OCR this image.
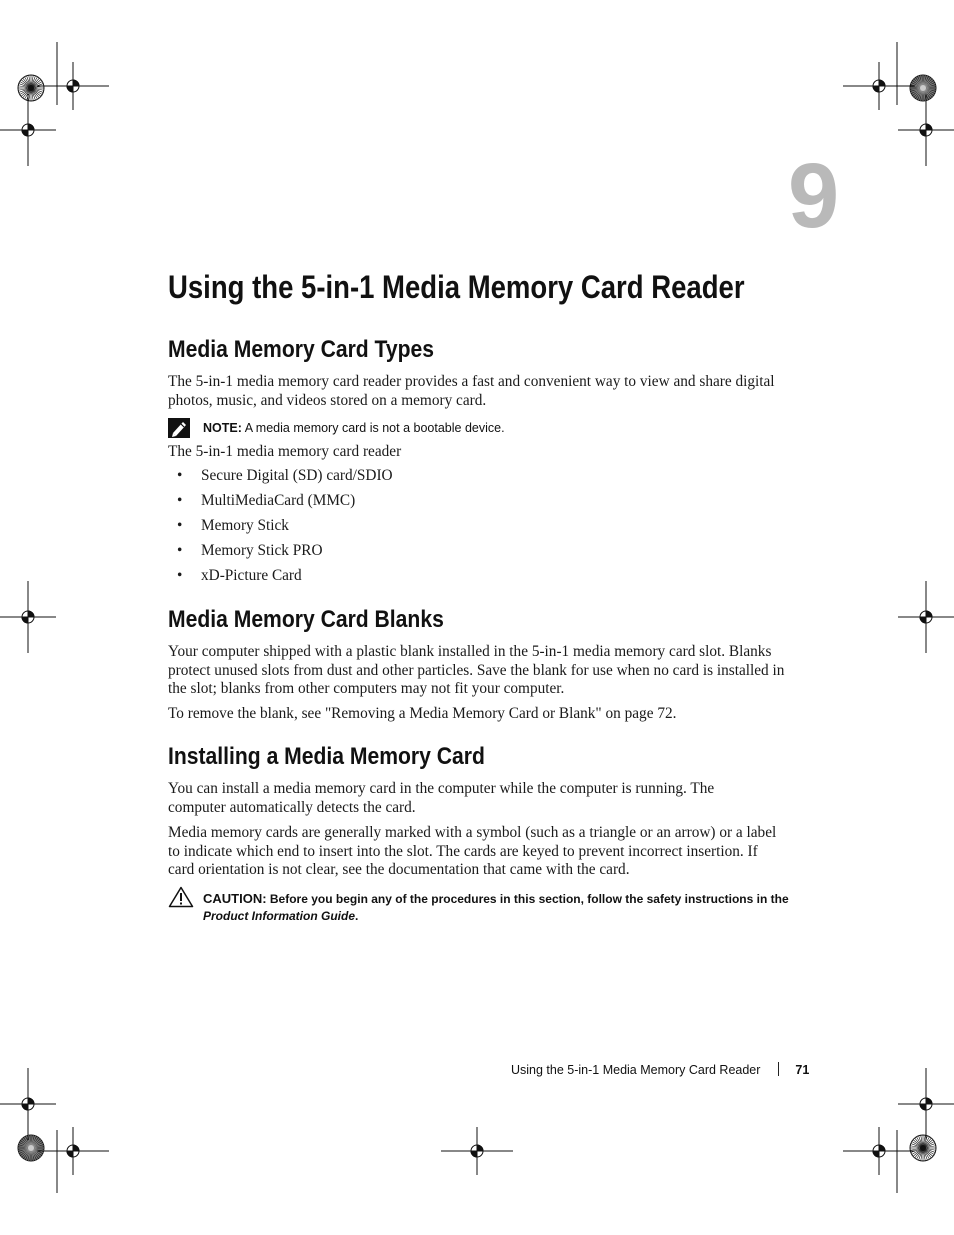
9
Using the 5-in-1 Media Memory Card Reader
Media Memory Card Types

The 5-in-1 media memory card reader provides a fast and convenient way to view and share digital photos, music, and videos stored on a memory card.

NOTE: A media memory card is not a bootable device.

The 5-in-1 media memory card reader

• Secure Digital (SD) card/SDIO
• MultiMediaCard (MMC)
• Memory Stick
• Memory Stick PRO
• xD-Picture Card
Media Memory Card Blanks

Your computer shipped with a plastic blank installed in the 5-in-1 media memory card slot. Blanks protect unused slots from dust and other particles. Save the blank for use when no card is installed in the slot; blanks from other computers may not fit your computer.

To remove the blank, see "Removing a Media Memory Card or Blank" on page 72.

Installing a Media Memory Card

You can install a media memory card in the computer while the computer is running. The computer automatically detects the card.

Media memory cards are generally marked with a symbol (such as a triangle or an arrow) or a label to indicate which end to insert into the slot. The cards are keyed to prevent incorrect insertion. If card orientation is not clear, see the documentation that came with the card.

CAUTION: Before you begin any of the procedures in this section, follow the safety instructions in the Product Information Guide.
Using the 5-in-1 Media Memory Card Reader	71
